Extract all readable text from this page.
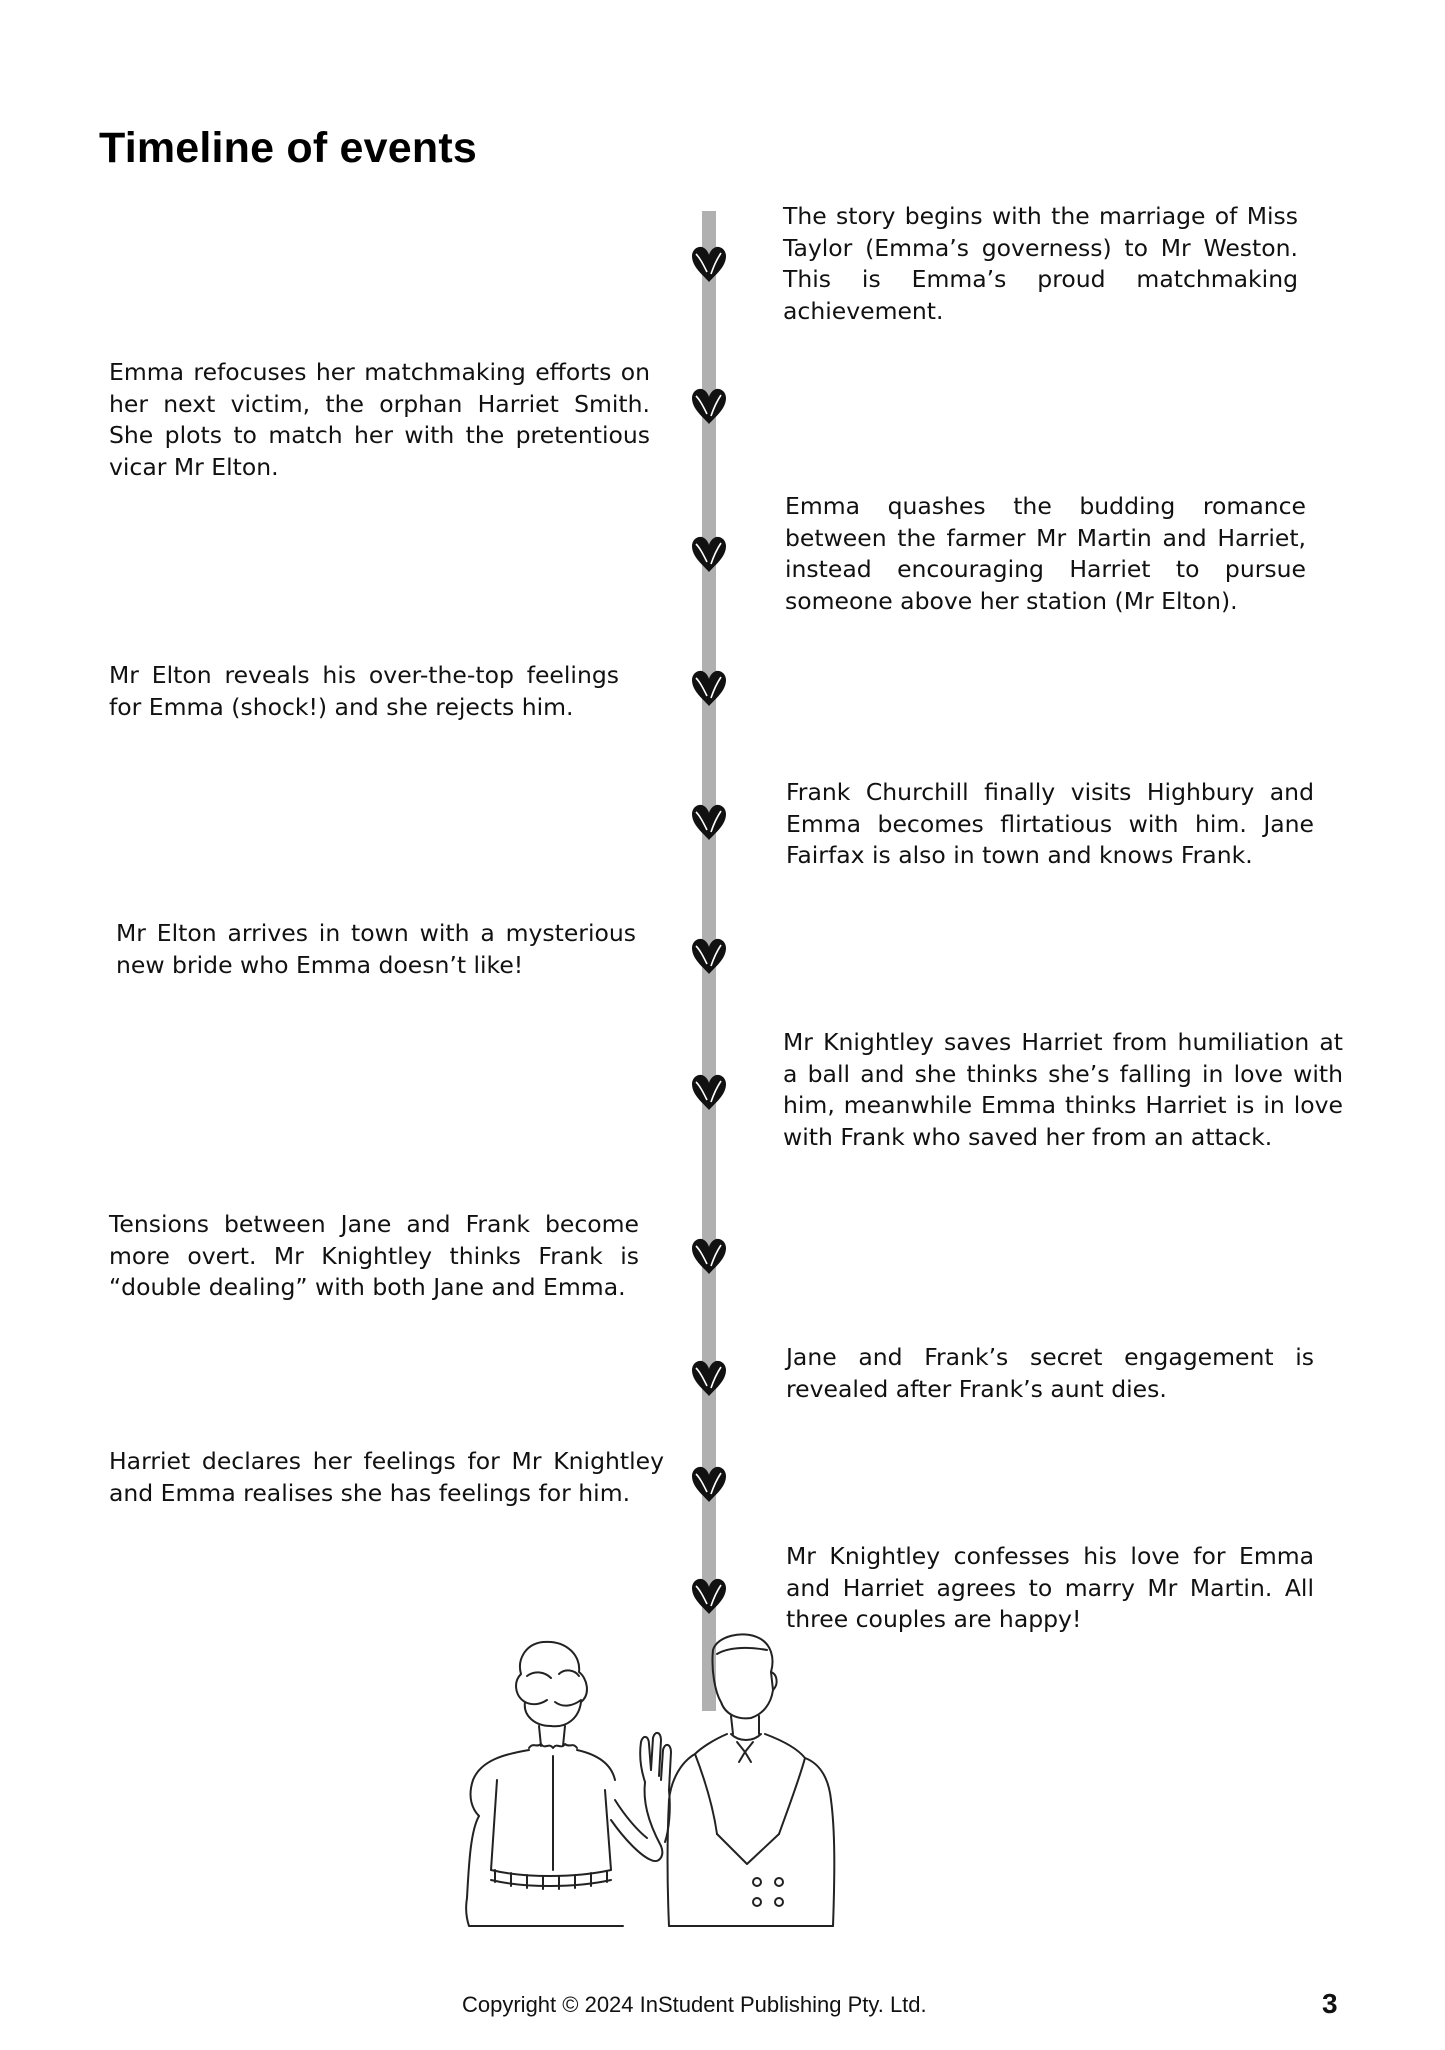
Timeline of events

The story begins with the marriage of Miss Taylor (Emma’s governess) to Mr Weston. This is Emma’s proud matchmaking achievement.

Emma refocuses her matchmaking efforts on her next victim, the orphan Harriet Smith. She plots to match her with the pretentious vicar Mr Elton.

Emma quashes the budding romance between the farmer Mr Martin and Harriet, instead encouraging Harriet to pursue someone above her station (Mr Elton).

Mr Elton reveals his over-the-top feelings for Emma (shock!) and she rejects him.

Frank Churchill finally visits Highbury and Emma becomes flirtatious with him. Jane Fairfax is also in town and knows Frank.

Mr Elton arrives in town with a mysterious new bride who Emma doesn’t like!

Mr Knightley saves Harriet from humiliation at a ball and she thinks she’s falling in love with him, meanwhile Emma thinks Harriet is in love with Frank who saved her from an attack.

Tensions between Jane and Frank become more overt. Mr Knightley thinks Frank is “double dealing” with both Jane and Emma.

Jane and Frank’s secret engagement is revealed after Frank’s aunt dies.

Harriet declares her feelings for Mr Knightley and Emma realises she has feelings for him.

Mr Knightley confesses his love for Emma and Harriet agrees to marry Mr Martin. All three couples are happy!

Copyright © 2024 InStudent Publishing Pty. Ltd.	3
